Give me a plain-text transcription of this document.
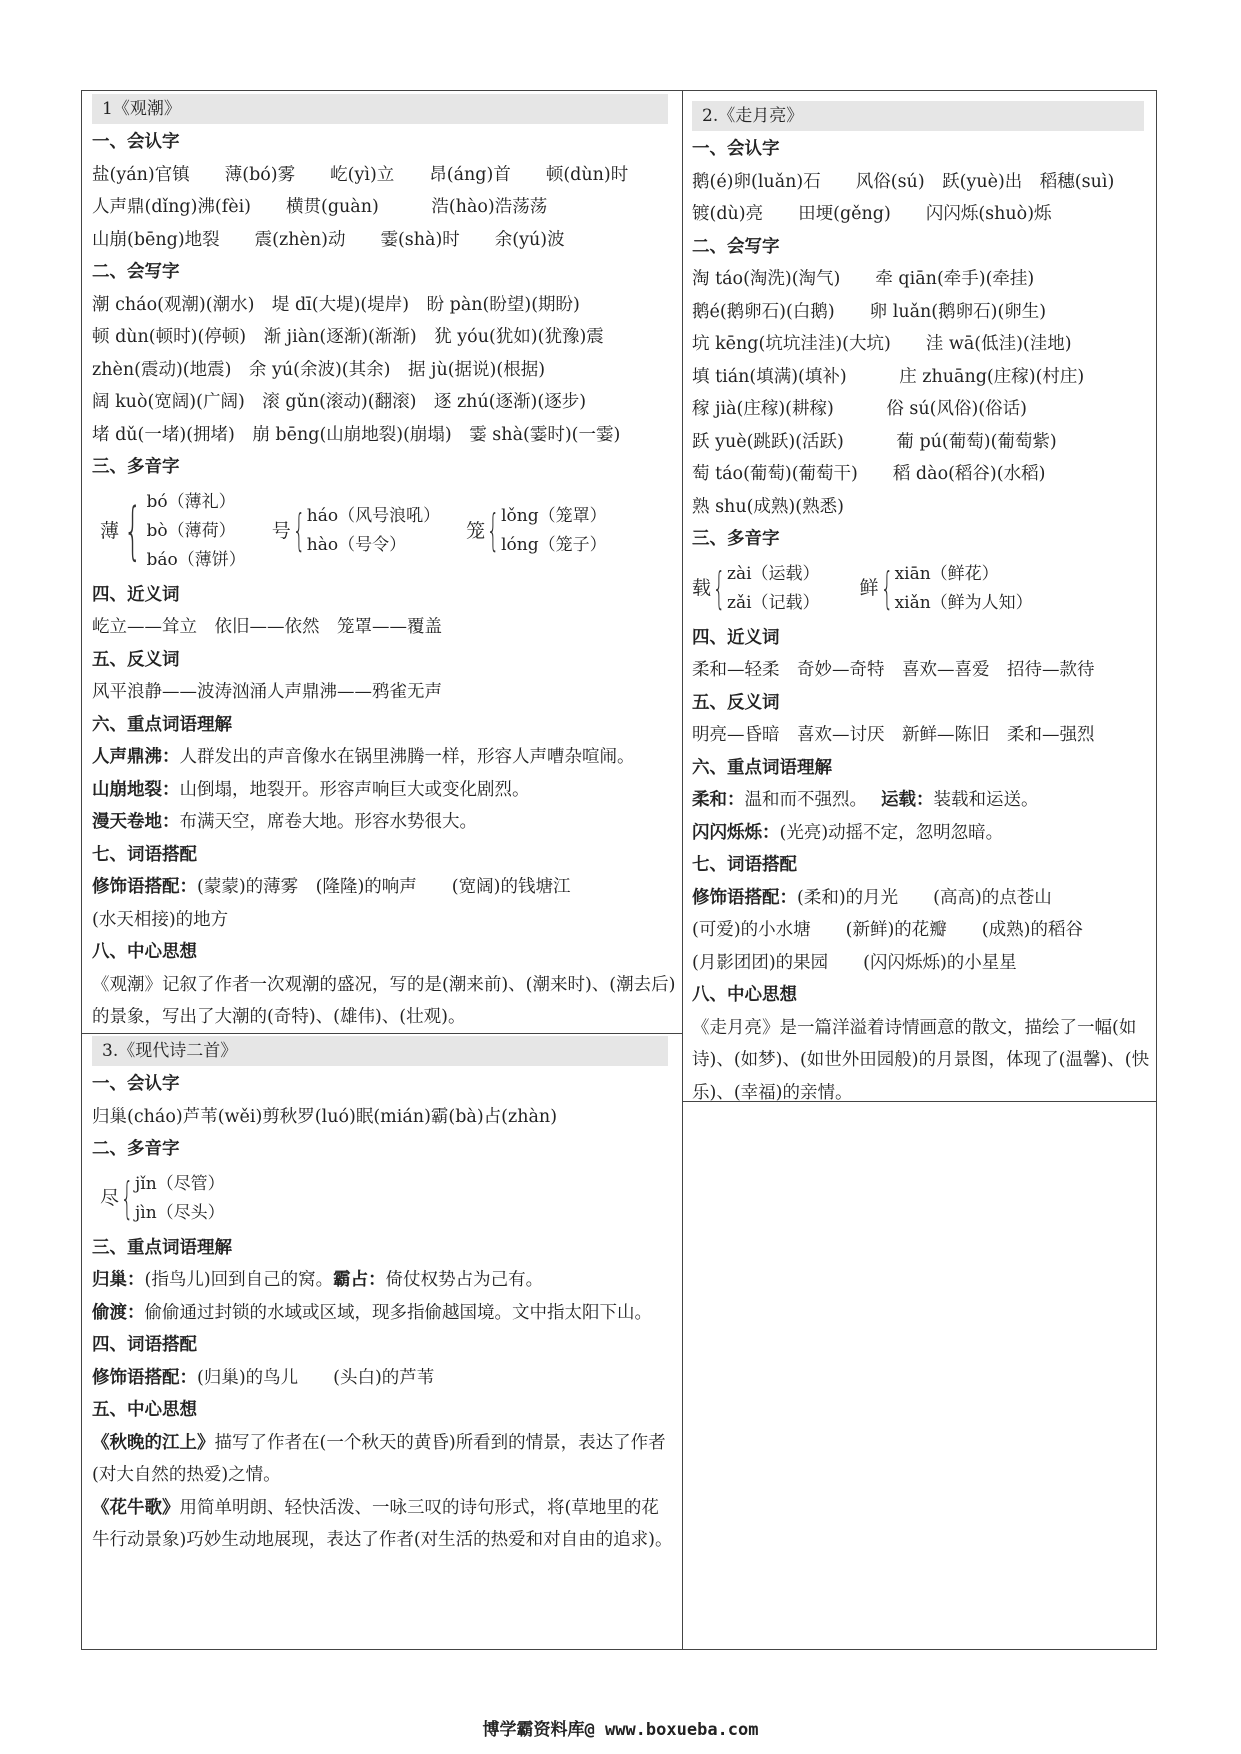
1《观潮》
一、会认字
盐(yán)官镇　　薄(bó)雾　　屹(yì)立　　昂(áng)首　　顿(dùn)时
人声鼎(dǐng)沸(fèi)　　横贯(guàn)　　　浩(hào)浩荡荡
山崩(bēng)地裂　　震(zhèn)动　　霎(shà)时　　余(yú)波
二、会写字
潮 cháo(观潮)(潮水)　堤 dī(大堤)(堤岸)　盼 pàn(盼望)(期盼)
顿 dùn(顿时)(停顿)　渐 jiàn(逐渐)(渐渐)　犹 yóu(犹如)(犹豫)震
zhèn(震动)(地震)　余 yú(余波)(其余)　据 jù(据说)(根据)
阔 kuò(宽阔)(广阔)　滚 gǔn(滚动)(翻滚)　逐 zhú(逐渐)(逐步)
堵 dǔ(一堵)(拥堵)　崩 bēng(山崩地裂)(崩塌)　霎 shà(霎时)(一霎)
三、多音字
薄 { bó（薄礼）
bò（薄荷）
báo（薄饼）
号 { háo（风号浪吼）
hào（号令）
笼 { lǒng（笼罩）
lóng（笼子）
四、近义词
屹立——耸立　依旧——依然　笼罩——覆盖
五、反义词
风平浪静——波涛汹涌人声鼎沸——鸦雀无声
六、重点词语理解
人声鼎沸：人群发出的声音像水在锅里沸腾一样，形容人声嘈杂喧闹。
山崩地裂：山倒塌，地裂开。形容声响巨大或变化剧烈。
漫天卷地：布满天空，席卷大地。形容水势很大。
七、词语搭配
修饰语搭配：(蒙蒙)的薄雾　(隆隆)的响声　　(宽阔)的钱塘江
(水天相接)的地方
八、中心思想
《观潮》记叙了作者一次观潮的盛况，写的是(潮来前)、(潮来时)、(潮去后)的景象，写出了大潮的(奇特)、(雄伟)、(壮观)。
3.《现代诗二首》
一、会认字
归巢(cháo)芦苇(wěi)剪秋罗(luó)眠(mián)霸(bà)占(zhàn)
二、多音字
尽 { jǐn（尽管）
jìn（尽头）
三、重点词语理解
归巢：(指鸟儿)回到自己的窝。霸占：倚仗权势占为己有。
偷渡：偷偷通过封锁的水域或区域，现多指偷越国境。文中指太阳下山。
四、词语搭配
修饰语搭配：(归巢)的鸟儿　　(头白)的芦苇
五、中心思想
《秋晚的江上》描写了作者在(一个秋天的黄昏)所看到的情景，表达了作者(对大自然的热爱)之情。
《花牛歌》用简单明朗、轻快活泼、一咏三叹的诗句形式，将(草地里的花牛行动景象)巧妙生动地展现，表达了作者(对生活的热爱和对自由的追求)。
2.《走月亮》
一、会认字
鹅(é)卵(luǎn)石　　风俗(sú)　跃(yuè)出　稻穗(suì)
镀(dù)亮　　田埂(gěng)　　闪闪烁(shuò)烁
二、会写字
淘 táo(淘洗)(淘气)　　牵 qiān(牵手)(牵挂)
鹅é(鹅卵石)(白鹅)　　卵 luǎn(鹅卵石)(卵生)
坑 kēng(坑坑洼洼)(大坑)　　洼 wā(低洼)(洼地)
填 tián(填满)(填补)　　　庄 zhuāng(庄稼)(村庄)
稼 jià(庄稼)(耕稼)　　　俗 sú(风俗)(俗话)
跃 yuè(跳跃)(活跃)　　　葡 pú(葡萄)(葡萄紫)
萄 táo(葡萄)(葡萄干)　　稻 dào(稻谷)(水稻)
熟 shu(成熟)(熟悉)
三、多音字
载 { zài（运载）
zǎi（记载）
鲜 { xiān（鲜花）
xiǎn（鲜为人知）
四、近义词
柔和—轻柔　奇妙—奇特　喜欢—喜爱　招待—款待
五、反义词
明亮—昏暗　喜欢—讨厌　新鲜—陈旧　柔和—强烈
六、重点词语理解
柔和：温和而不强烈。 运载：装载和运送。
闪闪烁烁：(光亮)动摇不定，忽明忽暗。
七、词语搭配
修饰语搭配：(柔和)的月光　　(高高)的点苍山
(可爱)的小水塘　　(新鲜)的花瓣　　(成熟)的稻谷
(月影团团)的果园　　(闪闪烁烁)的小星星
八、中心思想
《走月亮》是一篇洋溢着诗情画意的散文，描绘了一幅(如诗)、(如梦)、(如世外田园般)的月景图，体现了(温馨)、(快乐)、(幸福)的亲情。
博学霸资料库@ www.boxueba.com
